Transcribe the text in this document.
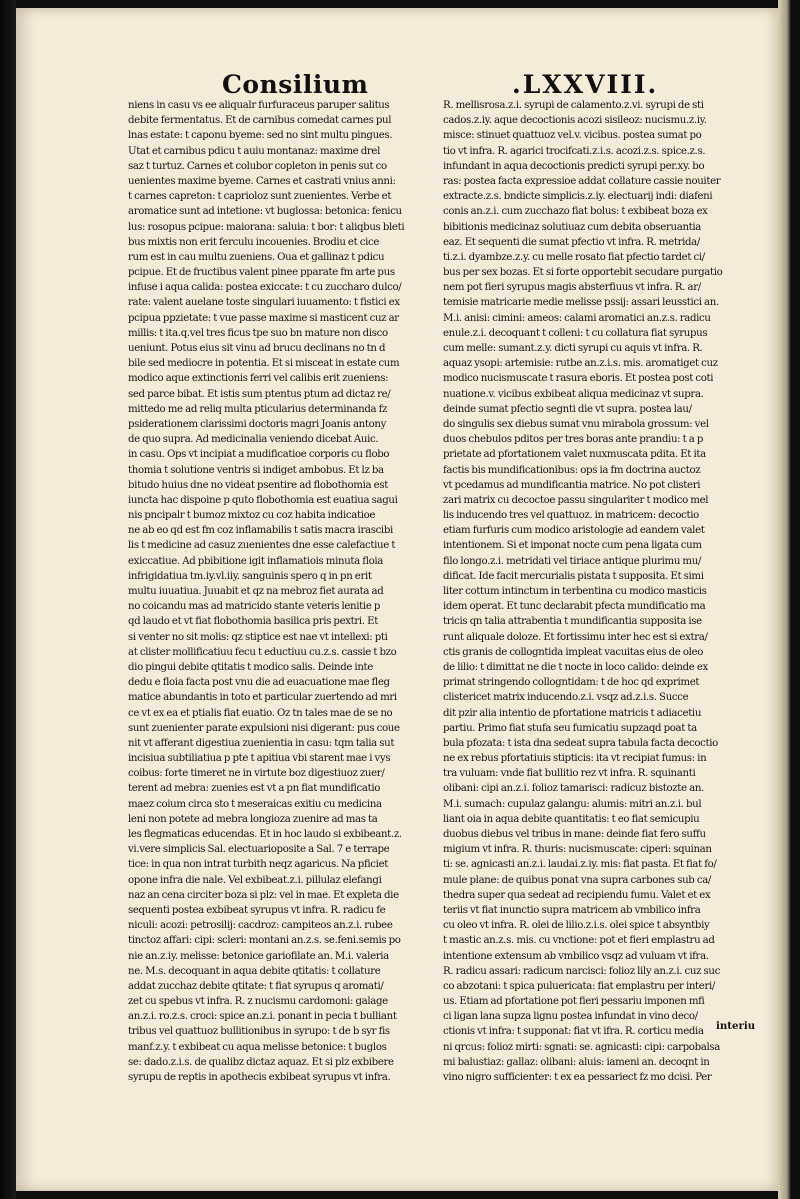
Consilium	.LXXVIII.
niens in casu vs ee aliqualr furfuraceus paruper salitus
debite fermentatus. Et de carnibus comedat carnes pul
lnas estate: t caponu byeme: sed no sint multu pingues.
Utat et carnibus pdicu t auiu montanaz: maxime drel
saz t turtuz. Carnes et colubor copleton in penis sut co
uenientes maxime byeme. Carnes et castrati vnius anni:
t carnes capreton: t caprioloz sunt zuenientes. Verbe et
aromatice sunt ad intetione: vt buglossa: betonica: fenicu
lus: rosopus pcipue: maiorana: saluia: t bor: t aliqbus bleti
bus mixtis non erit ferculu incouenies. Brodiu et cice
rum est in cau multu zueniens. Oua et gallinaz t pdicu
pcipue. Et de fructibus valent pinee pparate fm arte pus
infuse i aqua calida: postea exiccate: t cu zuccharo dulco/
rate: valent auelane toste singulari iuuamento: t fistici ex
pcipua ppzietate: t vue passe maxime si masticent cuz ar
millis: t ita.q.vel tres ficus tpe suo bn mature non disco
ueniunt. Potus eius sit vinu ad brucu declinans no tn d
bile sed mediocre in potentia. Et si misceat in estate cum
modico aque extinctionis ferri vel calibis erit zueniens:
sed parce bibat. Et istis sum ptentus ptum ad dictaz re/
mittedo me ad reliq multa pticularius determinanda fz
psiderationem clarissimi doctoris magri Joanis antony
de quo supra. Ad medicinalia veniendo dicebat Auic.
in casu. Ops vt incipiat a mudificatioe corporis cu flobo
thomia t solutione ventris si indiget ambobus. Et lz ba
bitudo huius dne no videat psentire ad flobothomia est
iuncta hac dispoine p quto flobothomia est euatiua sagui
nis pncipalr t bumoz mixtoz cu coz habita indicatioe
ne ab eo qd est fm coz inflamabilis t satis macra irascibi
lis t medicine ad casuz zuenientes dne esse calefactiue t
exiccatiue. Ad pbibitione igit inflamatiois minuta floia
infrigidatiua tm.iy.vl.iiy. sanguinis spero q in pn erit
multu iuuatiua. Juuabit et qz na mebroz fiet aurata ad
no coicandu mas ad matricido stante veteris lenitie p
qd laudo et vt fiat flobothomia basilica pris pextri. Et
si venter no sit molis: qz stiptice est nae vt intellexi: pti
at clister mollificatiuu fecu t eductiuu cu.z.s. cassie t bzo
dio pingui debite qtitatis t modico salis. Deinde inte
dedu e floia facta post vnu die ad euacuatione mae fleg
matice abundantis in toto et particular zuertendo ad mri
ce vt ex ea et ptialis fiat euatio. Oz tn tales mae de se no
sunt zuenienter parate expulsioni nisi digerant: pus coue
nit vt afferant digestiua zuenientia in casu: tqm talia sut
incisiua subtiliatiua p pte t apitiua vbi starent mae i vys
coibus: forte timeret ne in virtute boz digestiuoz zuer/
terent ad mebra: zuenies est vt a pn fiat mundificatio
maez coium circa sto t meseraicas exitiu cu medicina
leni non potete ad mebra longioza zuenire ad mas ta
les flegmaticas educendas. Et in hoc laudo si exbibeant.z.
vi.vere simplicis Sal. electuarioposite a Sal. 7 e terrape
tice: in qua non intrat turbith neqz agaricus. Na pficiet
opone infra die nale. Vel exbibeat.z.i. pillulaz elefangi
naz an cena circiter boza si plz: vel in mae. Et expleta die
sequenti postea exbibeat syrupus vt infra. R. radicu fe
niculi: acozi: petrosilij: cacdroz: campiteos an.z.i. rubee
tinctoz affari: cipi: scleri: montani an.z.s. se.feni.semis po
nie an.z.iy. melisse: betonice gariofilate an. M.i. valeria
ne. M.s. decoquant in aqua debite qtitatis: t collature
addat zucchaz debite qtitate: t fiat syrupus q aromati/
zet cu spebus vt infra. R. z nucismu cardomoni: galage
an.z.i. ro.z.s. croci: spice an.z.i. ponant in pecia t bulliant
tribus vel quattuoz bullitionibus in syrupo: t de b syr fis
manf.z.y. t exbibeat cu aqua melisse betonice: t buglos
se: dado.z.i.s. de qualibz dictaz aquaz. Et si plz exbibere
syrupu de reptis in apothecis exbibeat syrupus vt infra.
R. mellisrosa.z.i. syrupi de calamento.z.vi. syrupi de sti
cados.z.iy. aque decoctionis acozi sisileoz: nucismu.z.iy.
misce: stinuet quattuoz vel.v. vicibus. postea sumat po
tio vt infra. R. agarici trocifcati.z.i.s. acozi.z.s. spice.z.s.
infundant in aqua decoctionis predicti syrupi per.xy. bo
ras: postea facta expressioe addat collature cassie nouiter
extracte.z.s. bndicte simplicis.z.iy. electuarij indi: diafeni
conis an.z.i. cum zucchazo fiat bolus: t exbibeat boza ex
bibitionis medicinaz solutiuaz cum debita obseruantia
eaz. Et sequenti die sumat pfectio vt infra. R. metrida/
ti.z.i. dyambze.z.y. cu melle rosato fiat pfectio tardet ci/
bus per sex bozas. Et si forte opportebit secudare purgatio
nem pot fieri syrupus magis absterfiuus vt infra. R. ar/
temisie matricarie medie melisse pssij: assari leusstici an.
M.i. anisi: cimini: ameos: calami aromatici an.z.s. radicu
enule.z.i. decoquant t colleni: t cu collatura fiat syrupus
cum melle: sumant.z.y. dicti syrupi cu aquis vt infra. R.
aquaz ysopi: artemisie: rutbe an.z.i.s. mis. aromatiget cuz
modico nucismuscate t rasura eboris. Et postea post coti
nuatione.v. vicibus exbibeat aliqua medicinaz vt supra.
deinde sumat pfectio segnti die vt supra. postea lau/
do singulis sex diebus sumat vnu mirabola grossum: vel
duos chebulos pditos per tres boras ante prandiu: t a p
prietate ad pfortationem valet nuxmuscata pdita. Et ita
factis bis mundificationibus: ops ia fm doctrina auctoz
vt pcedamus ad mundificantia matrice. No pot clisteri
zari matrix cu decoctoe passu singulariter t modico mel
lis inducendo tres vel quattuoz. in matricem: decoctio
etiam furfuris cum modico aristologie ad eandem valet
intentionem. Si et imponat nocte cum pena ligata cum
filo longo.z.i. metridati vel tiriace antique plurimu mu/
dificat. Ide facit mercurialis pistata t supposita. Et simi
liter cottum intinctum in terbentina cu modico masticis
idem operat. Et tunc declarabit pfecta mundificatio ma
tricis qn talia attrabentia t mundificantia supposita ise
runt aliquale doloze. Et fortissimu inter hec est si extra/
ctis granis de collogntida impleat vacuitas eius de oleo
de lilio: t dimittat ne die t nocte in loco calido: deinde ex
primat stringendo collogntidam: t de hoc qd exprimet
clistericet matrix inducendo.z.i. vsqz ad.z.i.s. Succe
dit pzir alia intentio de pfortatione matricis t adiacetiu
partiu. Primo fiat stufa seu fumicatiu supzaqd poat ta
bula pfozata: t ista dna sedeat supra tabula facta decoctio
ne ex rebus pfortatiuis stipticis: ita vt recipiat fumus: in
tra vuluam: vnde fiat bullitio rez vt infra. R. squinanti
olibani: cipi an.z.i. folioz tamarisci: radicuz bistozte an.
M.i. sumach: cupulaz galangu: alumis: mitri an.z.i. bul
liant oia in aqua debite quantitatis: t eo fiat semicupiu
duobus diebus vel tribus in mane: deinde fiat fero suffu
migium vt infra. R. thuris: nucismuscate: ciperi: squinan
ti: se. agnicasti an.z.i. laudai.z.iy. mis: fiat pasta. Et fiat fo/
mule plane: de quibus ponat vna supra carbones sub ca/
thedra super qua sedeat ad recipiendu fumu. Valet et ex
teriis vt fiat inunctio supra matricem ab vmbilico infra
cu oleo vt infra. R. olei de lilio.z.i.s. olei spice t absyntbiy
t mastic an.z.s. mis. cu vnctione: pot et fieri emplastru ad
intentione extensum ab vmbilico vsqz ad vuluam vt ifra.
R. radicu assari: radicum narcisci: folioz lily an.z.i. cuz suc
co abzotani: t spica puluericata: fiat emplastru per interi/
us. Etiam ad pfortatione pot fieri pessariu imponen mfi
ci ligan lana supza lignu postea infundat in vino deco/
ctionis vt infra: t supponat: fiat vt ifra. R. corticu media
ni qrcus: folioz mirti: sgnati: se. agnicasti: cipi: carpobalsa
mi balustiaz: gallaz: olibani: aluis: iameni an. decoqnt in
vino nigro sufficienter: t ex ea pessariect fz mo dcisi. Per
interiu
